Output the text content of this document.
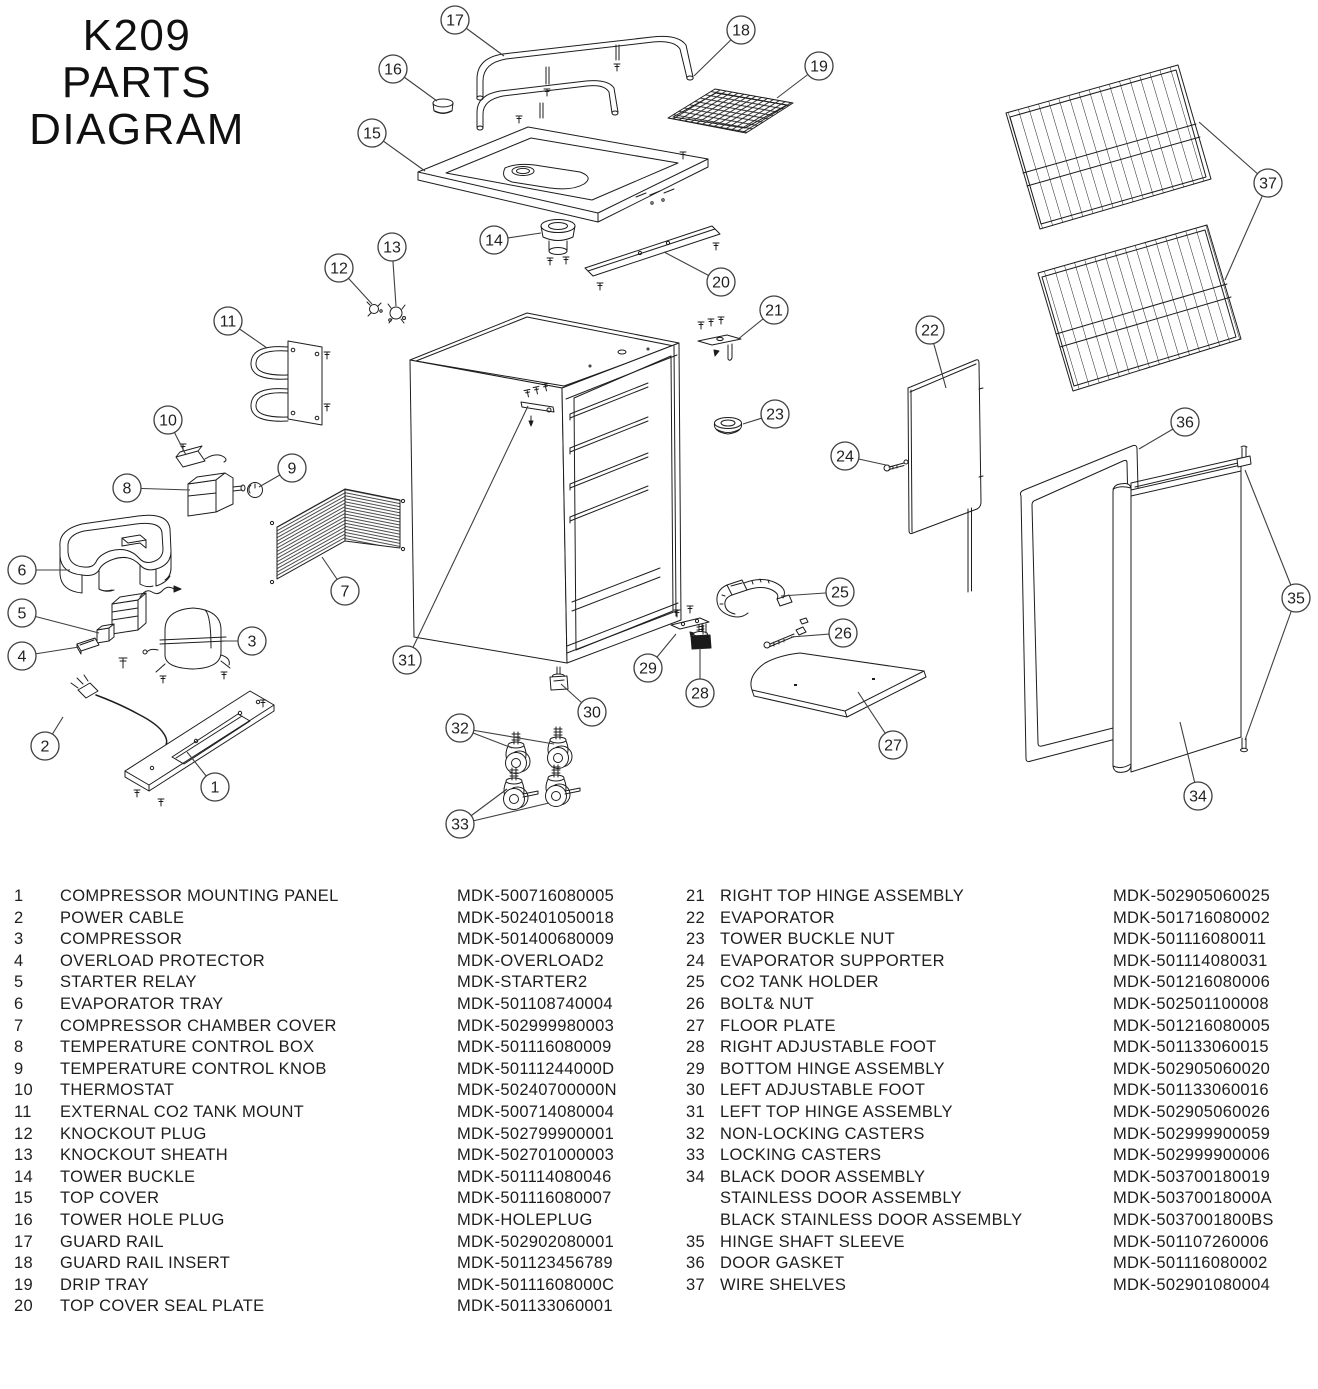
K209 PARTS
DIAGRAM
1
2
3
4
5
6
7
8
9
10
11
12
13	14
15
16
17
18
19
20
21
22
23
24
25
26
27
28
29
30
31
32
33
34
35
36
37
1	COMPRESSOR MOUNTING PANEL	MDK-500716080005
2	POWER CABLE	MDK-502401050018
3	COMPRESSOR	MDK-501400680009
4	OVERLOAD PROTECTOR	MDK-OVERLOAD2
5	STARTER RELAY	MDK-STARTER2
6	EVAPORATOR TRAY	MDK-501108740004
7	COMPRESSOR CHAMBER COVER	MDK-502999980003
8	TEMPERATURE CONTROL BOX	MDK-501116080009
9	TEMPERATURE CONTROL KNOB	MDK-50111244000D
10	THERMOSTAT	MDK-50240700000N
11	EXTERNAL CO2 TANK MOUNT	MDK-500714080004
12	KNOCKOUT PLUG	MDK-502799900001
13	KNOCKOUT SHEATH	MDK-502701000003
14	TOWER BUCKLE	MDK-501114080046
15	TOP COVER	MDK-501116080007
16	TOWER HOLE PLUG	MDK-HOLEPLUG
17	GUARD RAIL	MDK-502902080001
18	GUARD RAIL INSERT	MDK-501123456789
19	DRIP TRAY	MDK-50111608000C
20	TOP COVER SEAL PLATE	MDK-501133060001
21 RIGHT TOP HINGE ASSEMBLY	MDK-502905060025
22 EVAPORATOR	MDK-501716080002
23 TOWER BUCKLE NUT	MDK-501116080011
24 EVAPORATOR SUPPORTER	MDK-501114080031
25 CO2 TANK HOLDER	MDK-501216080006
26 BOLT& NUT	MDK-502501100008
27 FLOOR PLATE	MDK-501216080005
28 RIGHT ADJUSTABLE FOOT	MDK-501133060015
29 BOTTOM HINGE ASSEMBLY	MDK-502905060020
30 LEFT ADJUSTABLE FOOT	MDK-501133060016
31 LEFT TOP HINGE ASSEMBLY	MDK-502905060026
32 NON-LOCKING CASTERS	MDK-502999900059
33 LOCKING CASTERS	MDK-502999900006
34 BLACK DOOR ASSEMBLY	MDK-503700180019
STAINLESS DOOR ASSEMBLY	MDK-50370018000A
BLACK STAINLESS DOOR ASSEMBLY	MDK-5037001800BS
35 HINGE SHAFT SLEEVE	MDK-501107260006
36 DOOR GASKET	MDK-501116080002
37 WIRE SHELVES	MDK-502901080004
